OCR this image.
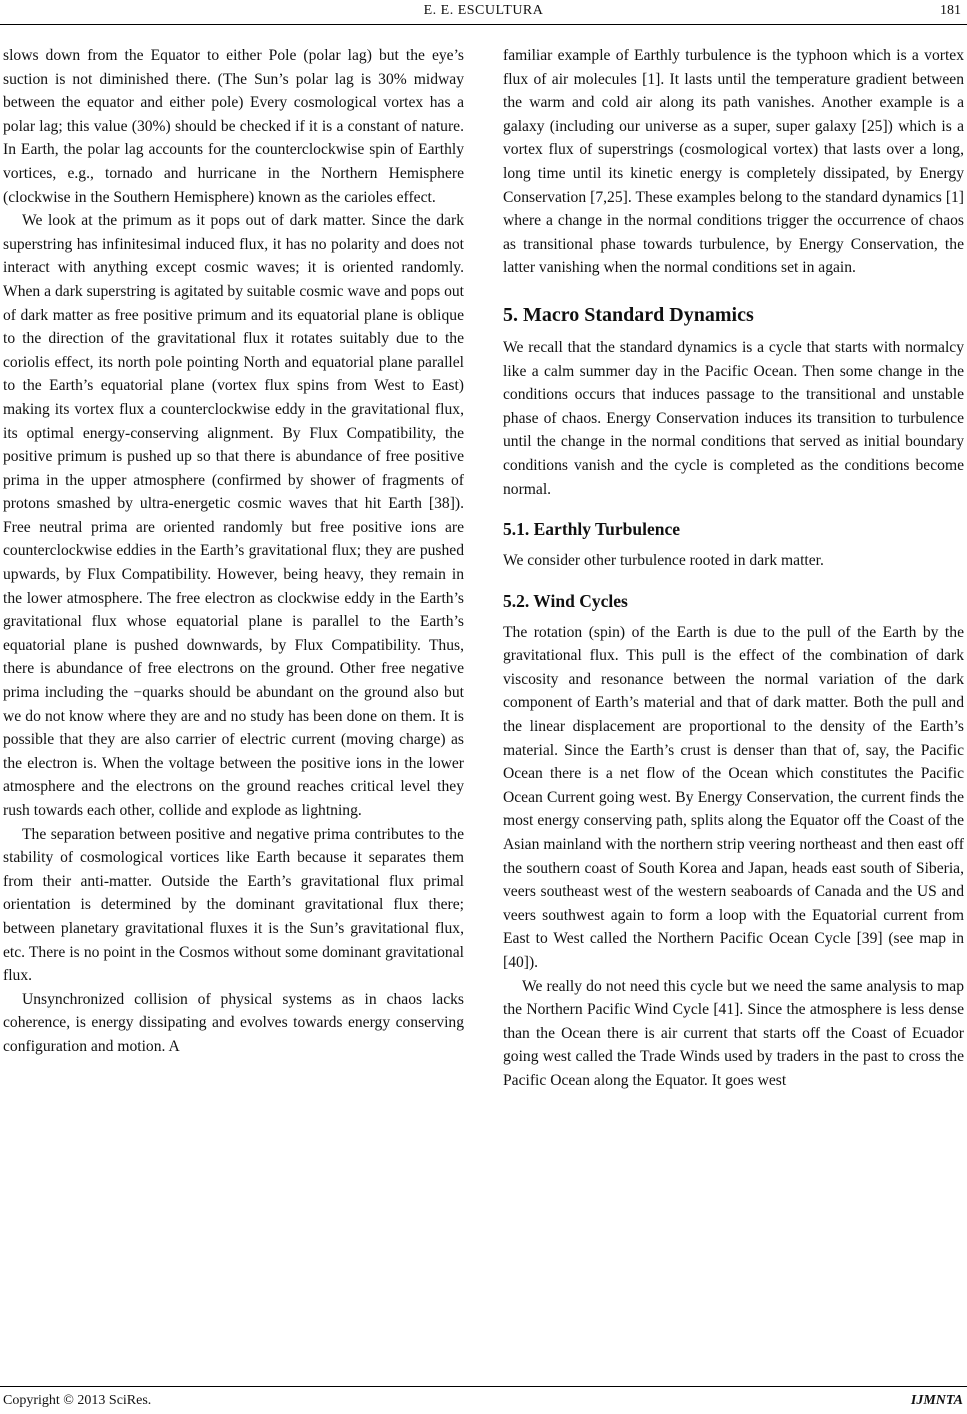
E. E. ESCULTURA	181

slows down from the Equator to either Pole (polar lag) but the eye’s suction is not diminished there. (The Sun’s polar lag is 30% midway between the equator and either pole) Every cosmological vortex has a polar lag; this value (30%) should be checked if it is a constant of nature. In Earth, the polar lag accounts for the counterclockwise spin of Earthly vortices, e.g., tornado and hurricane in the Northern Hemisphere (clockwise in the Southern Hemisphere) known as the carioles effect.

We look at the primum as it pops out of dark matter. Since the dark superstring has infinitesimal induced flux, it has no polarity and does not interact with anything except cosmic waves; it is oriented randomly. When a dark superstring is agitated by suitable cosmic wave and pops out of dark matter as free positive primum and its equatorial plane is oblique to the direction of the gravitational flux it rotates suitably due to the coriolis effect, its north pole pointing North and equatorial plane parallel to the Earth’s equatorial plane (vortex flux spins from West to East) making its vortex flux a counterclockwise eddy in the gravitational flux, its optimal energy-conserving alignment. By Flux Compatibility, the positive primum is pushed up so that there is abundance of free positive prima in the upper atmosphere (confirmed by shower of fragments of protons smashed by ultra-energetic cosmic waves that hit Earth [38]). Free neutral prima are oriented randomly but free positive ions are counterclockwise eddies in the Earth’s gravitational flux; they are pushed upwards, by Flux Compatibility. However, being heavy, they remain in the lower atmosphere. The free electron as clockwise eddy in the Earth’s gravitational flux whose equatorial plane is parallel to the Earth’s equatorial plane is pushed downwards, by Flux Compatibility. Thus, there is abundance of free electrons on the ground. Other free negative prima including the −quarks should be abundant on the ground also but we do not know where they are and no study has been done on them. It is possible that they are also carrier of electric current (moving charge) as the electron is. When the voltage between the positive ions in the lower atmosphere and the electrons on the ground reaches critical level they rush towards each other, collide and explode as lightning.

The separation between positive and negative prima contributes to the stability of cosmological vortices like Earth because it separates them from their anti-matter. Outside the Earth’s gravitational flux primal orientation is determined by the dominant gravitational flux there; between planetary gravitational fluxes it is the Sun’s gravitational flux, etc. There is no point in the Cosmos without some dominant gravitational flux.

Unsynchronized collision of physical systems as in chaos lacks coherence, is energy dissipating and evolves towards energy conserving configuration and motion. A

familiar example of Earthly turbulence is the typhoon which is a vortex flux of air molecules [1]. It lasts until the temperature gradient between the warm and cold air along its path vanishes. Another example is a galaxy (including our universe as a super, super galaxy [25]) which is a vortex flux of superstrings (cosmological vortex) that lasts over a long, long time until its kinetic energy is completely dissipated, by Energy Conservation [7,25]. These examples belong to the standard dynamics [1] where a change in the normal conditions trigger the occurrence of chaos as transitional phase towards turbulence, by Energy Conservation, the latter vanishing when the normal conditions set in again.

5. Macro Standard Dynamics

We recall that the standard dynamics is a cycle that starts with normalcy like a calm summer day in the Pacific Ocean. Then some change in the conditions occurs that induces passage to the transitional and unstable phase of chaos. Energy Conservation induces its transition to turbulence until the change in the normal conditions that served as initial boundary conditions vanish and the cycle is completed as the conditions become normal.

5.1. Earthly Turbulence

We consider other turbulence rooted in dark matter.

5.2. Wind Cycles

The rotation (spin) of the Earth is due to the pull of the Earth by the gravitational flux. This pull is the effect of the combination of dark viscosity and resonance between the normal variation of the dark component of Earth’s material and that of dark matter. Both the pull and the linear displacement are proportional to the density of the Earth’s material. Since the Earth’s crust is denser than that of, say, the Pacific Ocean there is a net flow of the Ocean which constitutes the Pacific Ocean Current going west. By Energy Conservation, the current finds the most energy conserving path, splits along the Equator off the Coast of the Asian mainland with the northern strip veering northeast and then east off the southern coast of South Korea and Japan, heads east south of Siberia, veers southeast west of the western seaboards of Canada and the US and veers southwest again to form a loop with the Equatorial current from East to West called the Northern Pacific Ocean Cycle [39] (see map in [40]).

We really do not need this cycle but we need the same analysis to map the Northern Pacific Wind Cycle [41]. Since the atmosphere is less dense than the Ocean there is air current that starts off the Coast of Ecuador going west called the Trade Winds used by traders in the past to cross the Pacific Ocean along the Equator. It goes west

Copyright © 2013 SciRes.	IJMNTA
